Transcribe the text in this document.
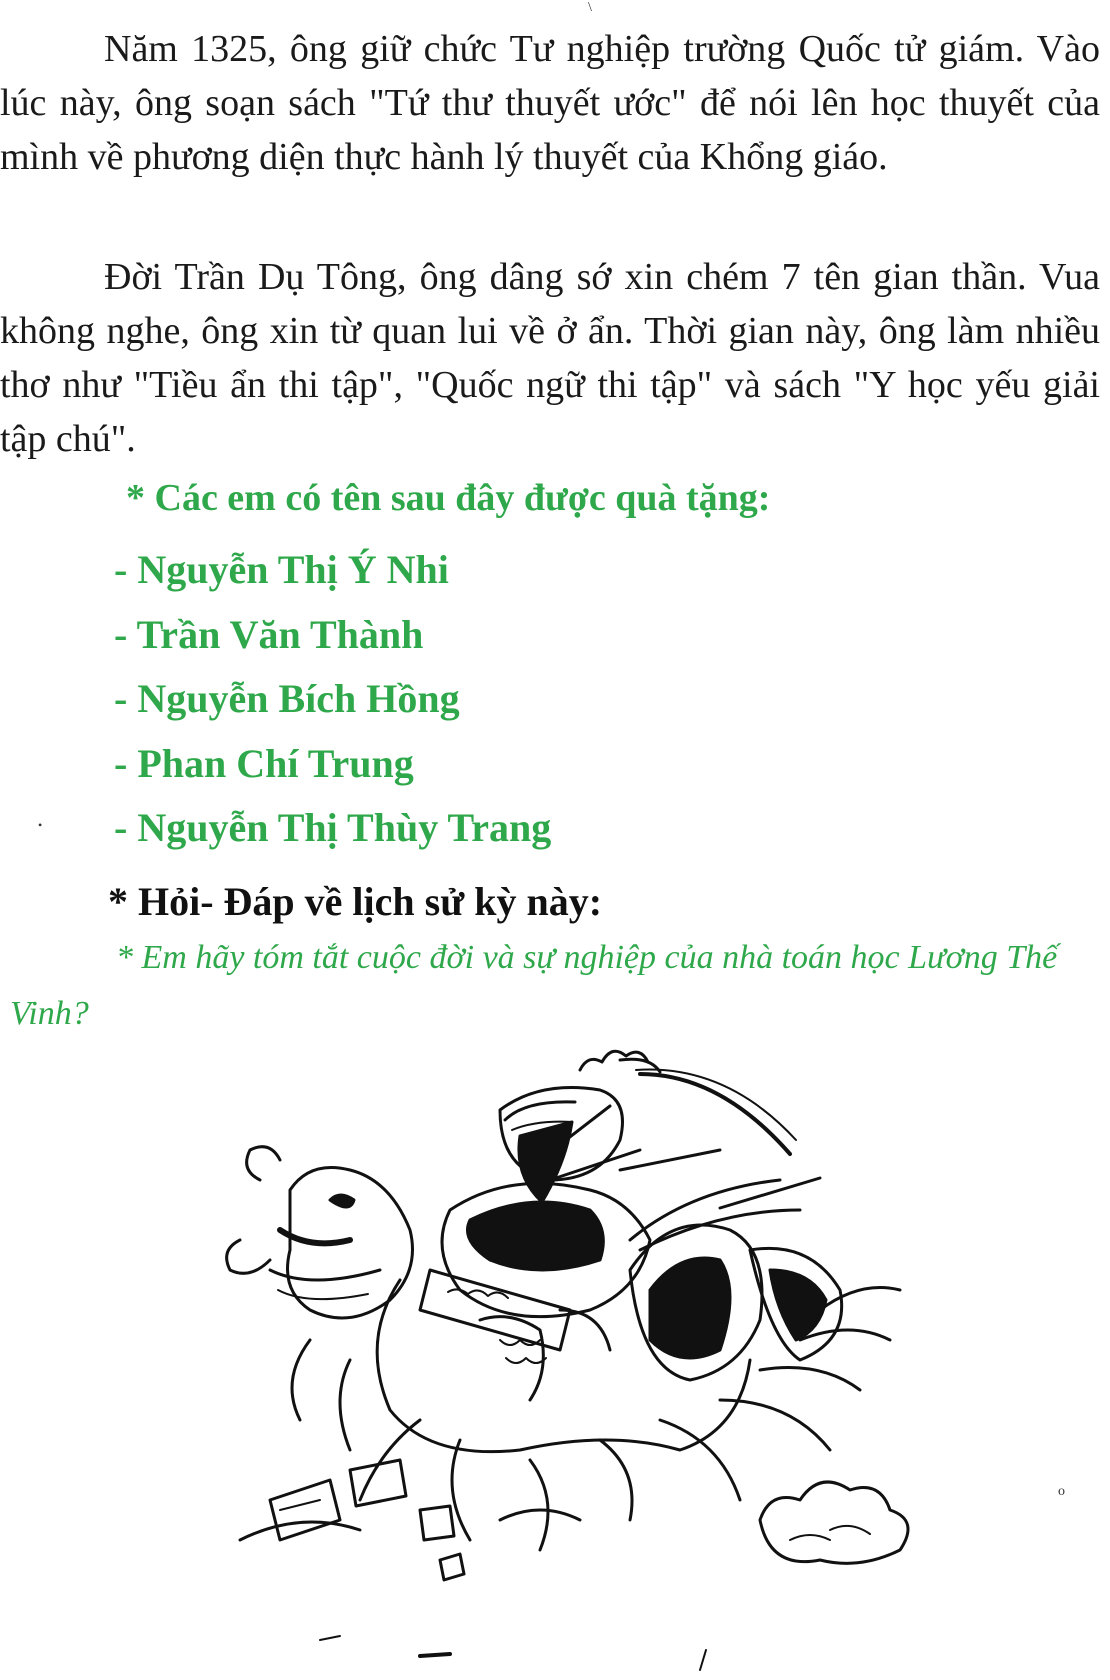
Năm 1325, ông giữ chức Tư nghiệp trường Quốc tử giám. Vào lúc này, ông soạn sách "Tứ thư thuyết ước" để nói lên học thuyết của mình về phương diện thực hành lý thuyết của Khổng giáo.

Đời Trần Dụ Tông, ông dâng sớ xin chém 7 tên gian thần. Vua không nghe, ông xin từ quan lui về ở ẩn. Thời gian này, ông làm nhiều thơ như "Tiều ẩn thi tập", "Quốc ngữ thi tập" và sách "Y học yếu giải tập chú".

* Các em có tên sau đây được quà tặng:

- Nguyễn Thị Ý Nhi
- Trần Văn Thành
- Nguyễn Bích Hồng
- Phan Chí Trung
- Nguyễn Thị Thùy Trang

* Hỏi- Đáp về lịch sử kỳ này:

* Em hãy tóm tắt cuộc đời và sự nghiệp của nhà toán học Lương Thế Vinh?

\
•
o
